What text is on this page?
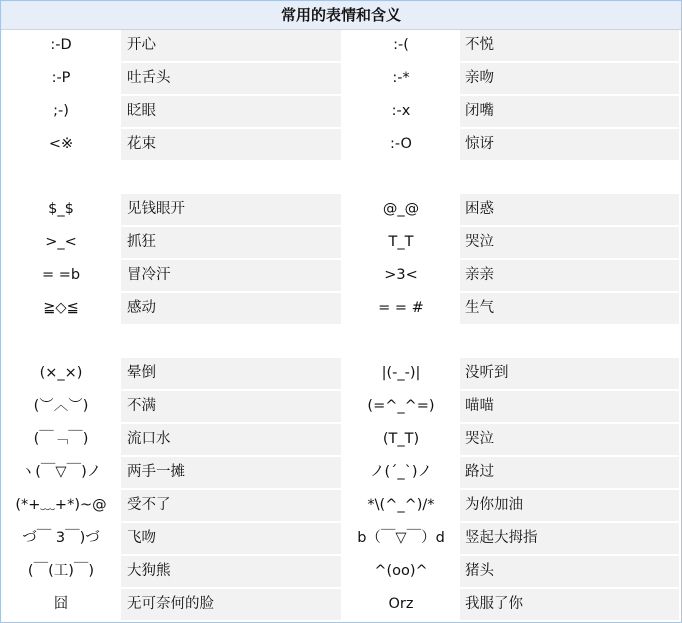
常用的表情和含义
:-D	开心	:-(	不悦
:-P	吐舌头	:-*	亲吻
;-)	眨眼	:-x	闭嘴
<※	花束	:-O	惊讶
$_$	见钱眼开	@_@	困惑
>_<	抓狂	T_T	哭泣
= =b	冒冷汗	>3<	亲亲
≧◇≦	感动	= = #	生气
(×_×)	晕倒	|(-_-)|	没听到
(︶︿︶)	不满	(=^_^=)	喵喵
(￣﹁￣)	流口水	(T_T)	哭泣
ヽ(￣▽￣)ノ	两手一摊	ノ(ˊ_ˋ)ノ	路过
(*+﹏+*)~@	受不了	*\(^_^)/*	为你加油
づ￣ 3￣)づ	飞吻	b（￣▽￣）d	竖起大拇指
(￣(工)￣)	大狗熊	^(oo)^	猪头
囧	无可奈何的脸	Orz	我服了你
